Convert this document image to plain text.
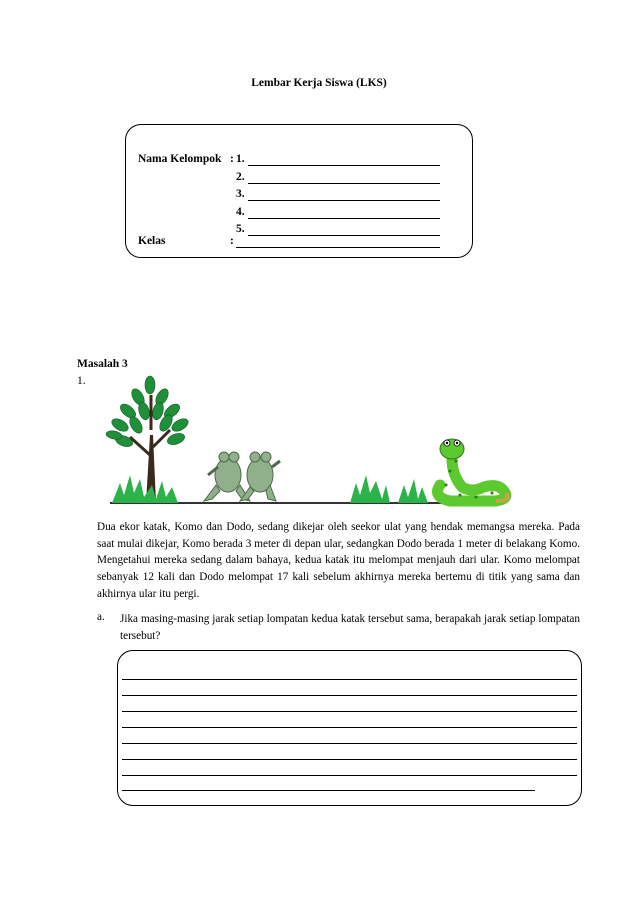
Lembar Kerja Siswa (LKS)
Nama Kelompok : 1.
2.
3.
4.
5.
Kelas	:
Masalah 3
1.
Dua ekor katak, Komo dan Dodo, sedang dikejar oleh seekor ulat yang hendak memangsa mereka. Pada saat mulai dikejar, Komo berada 3 meter di depan ular, sedangkan Dodo berada 1 meter di belakang Komo. Mengetahui mereka sedang dalam bahaya, kedua katak itu melompat menjauh dari ular. Komo melompat sebanyak 12 kali dan Dodo melompat 17 kali sebelum akhirnya mereka bertemu di titik yang sama dan akhirnya ular itu pergi.
a. Jika masing-masing jarak setiap lompatan kedua katak tersebut sama, berapakah jarak setiap lompatan tersebut?
